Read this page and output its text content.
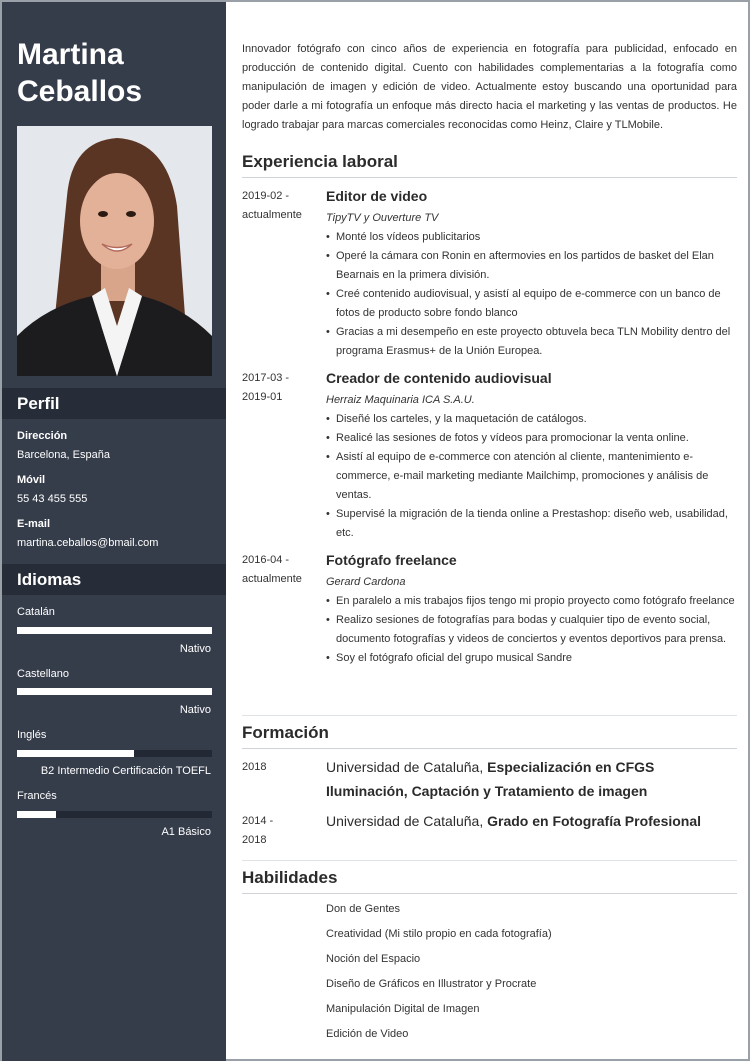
Martina Ceballos
Perfil
Dirección
Barcelona, España
Móvil
55 43 455 555
E-mail
martina.ceballos@bmail.com
Idiomas
Catalán
Nativo
Castellano
Nativo
Inglés
B2 Intermedio Certificación TOEFL
Francés
A1 Básico
Innovador fotógrafo con cinco años de experiencia en fotografía para publicidad, enfocado en producción de contenido digital. Cuento con habilidades complementarias a la fotografía como manipulación de imagen y edición de video. Actualmente estoy buscando una oportunidad para poder darle a mi fotografía un enfoque más directo hacia el marketing y las ventas de productos. He logrado trabajar para marcas comerciales reconocidas como Heinz, Claire y TLMobile.
Experiencia laboral
2019-02 -
actualmente
Editor de video
TipyTV y Ouverture TV
• Monté los vídeos publicitarios
• Operé la cámara con Ronin en aftermovies en los partidos de basket del Elan Bearnais en la primera división.
• Creé contenido audiovisual, y asistí al equipo de e-commerce con un banco de fotos de producto sobre fondo blanco
• Gracias a mi desempeño en este proyecto obtuvela beca TLN Mobility dentro del programa Erasmus+ de la Unión Europea.
2017-03 -
2019-01
Creador de contenido audiovisual
Herraiz Maquinaria ICA S.A.U.
• Diseñé los carteles, y la maquetación de catálogos.
• Realicé las sesiones de fotos y vídeos para promocionar la venta online.
• Asistí al equipo de e-commerce con atención al cliente, mantenimiento e-commerce, e-mail marketing mediante Mailchimp, promociones y análisis de ventas.
• Supervisé la migración de la tienda online a Prestashop: diseño web, usabilidad, etc.
2016-04 -
actualmente
Fotógrafo freelance
Gerard Cardona
• En paralelo a mis trabajos fijos tengo mi propio proyecto como fotógrafo freelance
• Realizo sesiones de fotografías para bodas y cualquier tipo de evento social, documento fotografías y videos de conciertos y eventos deportivos para prensa.
• Soy el fotógrafo oficial del grupo musical Sandre
Formación
2018	Universidad de Cataluña, Especialización en CFGS Iluminación, Captación y Tratamiento de imagen
2014 -
2018
Universidad de Cataluña, Grado en Fotografía Profesional
Habilidades
Don de Gentes
Creatividad (Mi stilo propio en cada fotografía)
Noción del Espacio
Diseño de Gráficos en Illustrator y Procrate
Manipulación Digital de Imagen
Edición de Video
